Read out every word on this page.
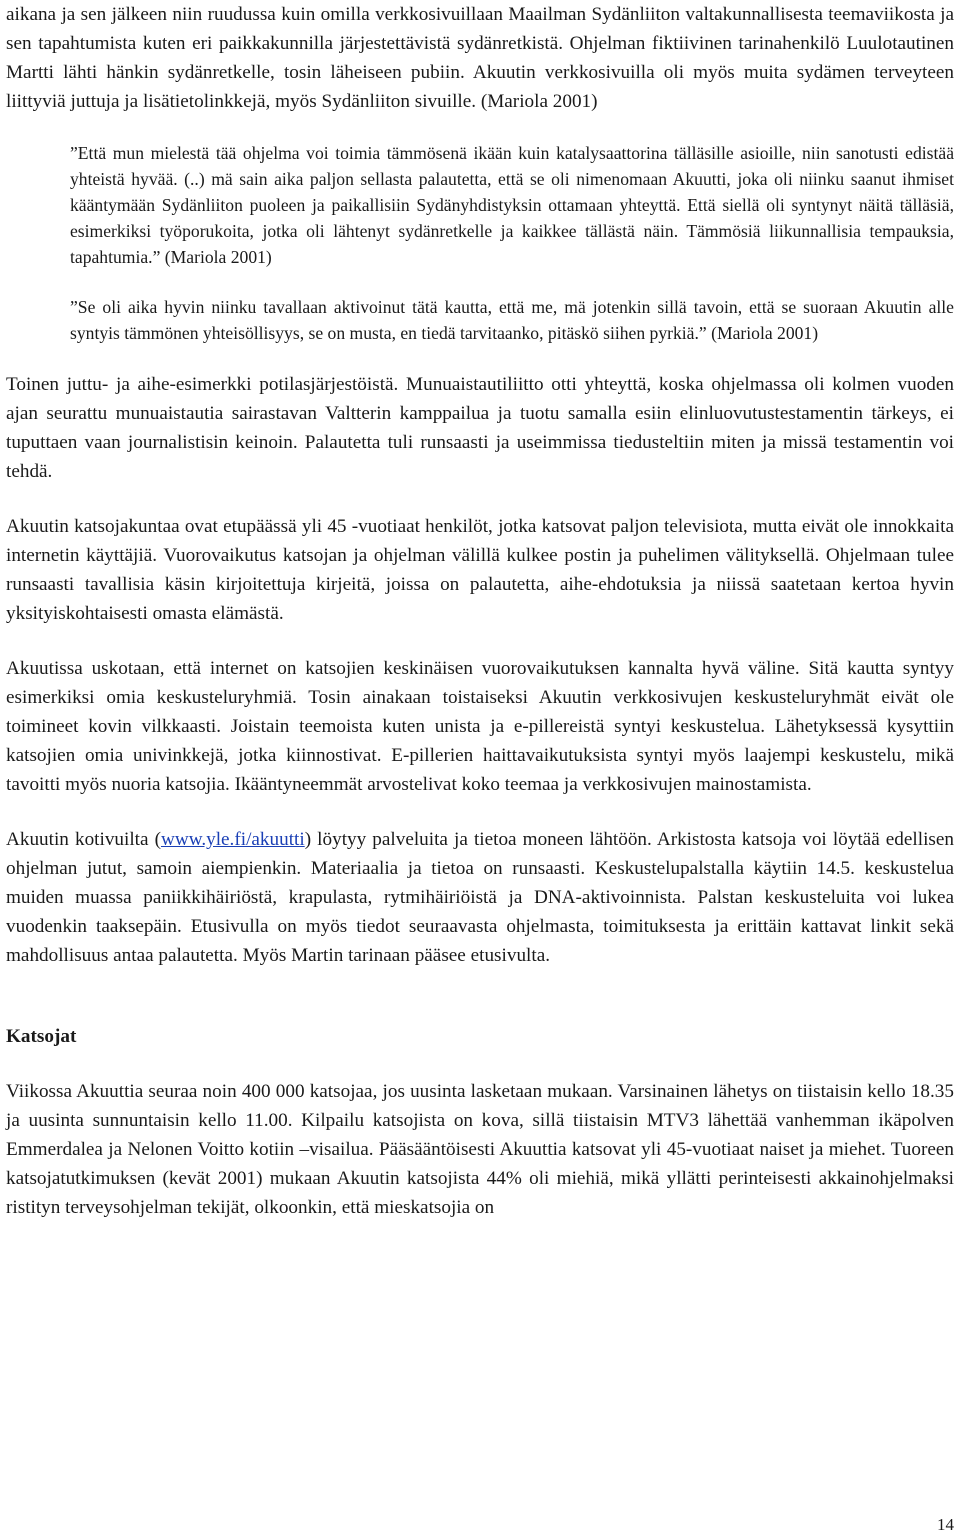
aikana ja sen jälkeen niin ruudussa kuin omilla verkkosivuillaan Maailman Sydänliiton valtakunnallisesta teemaviikosta ja sen tapahtumista kuten eri paikkakunnilla järjestettävistä sydänretkistä. Ohjelman fiktiivinen tarinahenkilö Luulotautinen Martti lähti hänkin sydänretkelle, tosin läheiseen pubiin. Akuutin verkkosivuilla oli myös muita sydämen terveyteen liittyviä juttuja ja lisätietolinkkejä, myös Sydänliiton sivuille. (Mariola 2001)

”Että mun mielestä tää ohjelma voi toimia tämmösenä ikään kuin katalysaattorina tälläsille asioille, niin sanotusti edistää yhteistä hyvää. (..) mä sain aika paljon sellasta palautetta, että se oli nimenomaan Akuutti, joka oli niinku saanut ihmiset kääntymään Sydänliiton puoleen ja paikallisiin Sydänyhdistyksin ottamaan yhteyttä. Että siellä oli syntynyt näitä tälläsiä, esimerkiksi työporukoita, jotka oli lähtenyt sydänretkelle ja kaikkee tällästä näin. Tämmösiä liikunnallisia tempauksia, tapahtumia.” (Mariola 2001)

”Se oli aika hyvin niinku tavallaan aktivoinut tätä kautta, että me, mä jotenkin sillä tavoin, että se suoraan Akuutin alle syntyis tämmönen yhteisöllisyys, se on musta, en tiedä tarvitaanko, pitäskö siihen pyrkiä.” (Mariola 2001)

Toinen juttu- ja aihe-esimerkki potilasjärjestöistä. Munuaistautiliitto otti yhteyttä, koska ohjelmassa oli kolmen vuoden ajan seurattu munuaistautia sairastavan Valtterin kamppailua ja tuotu samalla esiin elinluovutustestamentin tärkeys, ei tuputtaen vaan journalistisin keinoin. Palautetta tuli runsaasti ja useimmissa tiedusteltiin miten ja missä testamentin voi tehdä.

Akuutin katsojakuntaa ovat etupäässä yli 45 -vuotiaat henkilöt, jotka katsovat paljon televisiota, mutta eivät ole innokkaita internetin käyttäjiä. Vuorovaikutus katsojan ja ohjelman välillä kulkee postin ja puhelimen välityksellä. Ohjelmaan tulee runsaasti tavallisia käsin kirjoitettuja kirjeitä, joissa on palautetta, aihe-ehdotuksia ja niissä saatetaan kertoa hyvin yksityiskohtaisesti omasta elämästä.

Akuutissa uskotaan, että internet on katsojien keskinäisen vuorovaikutuksen kannalta hyvä väline. Sitä kautta syntyy esimerkiksi omia keskusteluryhmiä. Tosin ainakaan toistaiseksi Akuutin verkkosivujen keskusteluryhmät eivät ole toimineet kovin vilkkaasti. Joistain teemoista kuten unista ja e-pillereistä syntyi keskustelua. Lähetyksessä kysyttiin katsojien omia univinkkejä, jotka kiinnostivat. E-pillerien haittavaikutuksista syntyi myös laajempi keskustelu, mikä tavoitti myös nuoria katsojia. Ikääntyneemmät arvostelivat koko teemaa ja verkkosivujen mainostamista.

Akuutin kotivuilta (www.yle.fi/akuutti) löytyy palveluita ja tietoa moneen lähtöön. Arkistosta katsoja voi löytää edellisen ohjelman jutut, samoin aiempienkin. Materiaalia ja tietoa on runsaasti. Keskustelupalstalla käytiin 14.5. keskustelua muiden muassa paniikkihäiriöstä, krapulasta, rytmihäiriöistä ja DNA-aktivoinnista. Palstan keskusteluita voi lukea vuodenkin taaksepäin. Etusivulla on myös tiedot seuraavasta ohjelmasta, toimituksesta ja erittäin kattavat linkit sekä mahdollisuus antaa palautetta. Myös Martin tarinaan pääsee etusivulta.

Katsojat

Viikossa Akuuttia seuraa noin 400 000 katsojaa, jos uusinta lasketaan mukaan. Varsinainen lähetys on tiistaisin kello 18.35 ja uusinta sunnuntaisin kello 11.00. Kilpailu katsojista on kova, sillä tiistaisin MTV3 lähettää vanhemman ikäpolven Emmerdalea ja Nelonen Voitto kotiin –visailua. Pääsääntöisesti Akuuttia katsovat yli 45-vuotiaat naiset ja miehet. Tuoreen katsojatutkimuksen (kevät 2001) mukaan Akuutin katsojista 44% oli miehiä, mikä yllätti perinteisesti akkainohjelmaksi ristityn terveysohjelman tekijät, olkoonkin, että mieskatsojia on

14
